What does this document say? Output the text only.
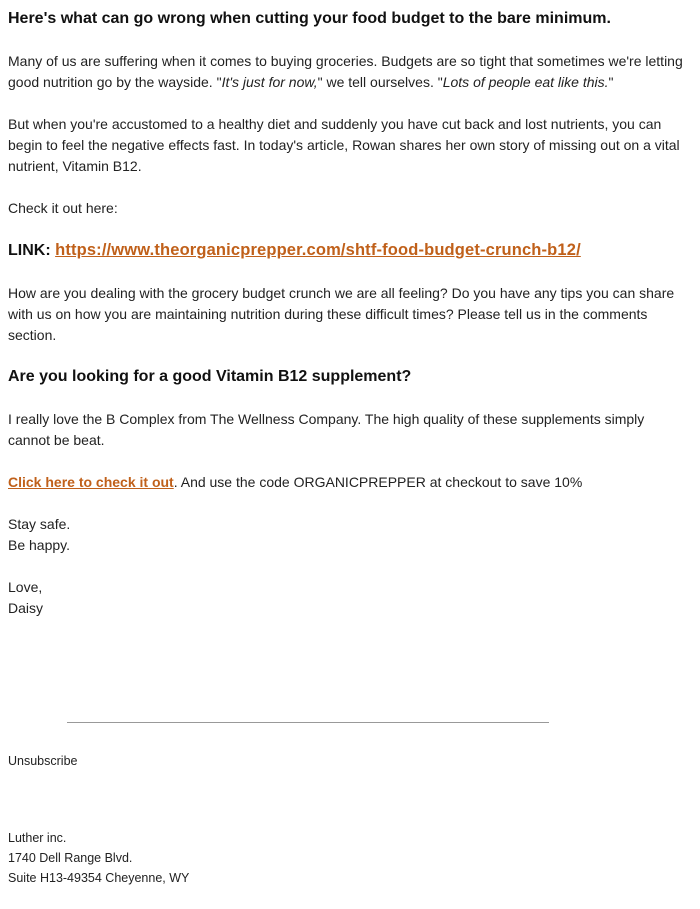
Here's what can go wrong when cutting your food budget to the bare minimum.

Many of us are suffering when it comes to buying groceries. Budgets are so tight that sometimes we're letting good nutrition go by the wayside. "It's just for now," we tell ourselves. "Lots of people eat like this."

But when you're accustomed to a healthy diet and suddenly you have cut back and lost nutrients, you can begin to feel the negative effects fast. In today's article, Rowan shares her own story of missing out on a vital nutrient, Vitamin B12.

Check it out here:

LINK: https://www.theorganicprepper.com/shtf-food-budget-crunch-b12/

How are you dealing with the grocery budget crunch we are all feeling? Do you have any tips you can share with us on how you are maintaining nutrition during these difficult times? Please tell us in the comments section.

Are you looking for a good Vitamin B12 supplement?

I really love the B Complex from The Wellness Company. The high quality of these supplements simply cannot be beat.

Click here to check it out. And use the code ORGANICPREPPER at checkout to save 10%

Stay safe.

Be happy.

Love,

Daisy

Unsubscribe
Luther inc.
1740 Dell Range Blvd.
Suite H13-49354 Cheyenne, WY
